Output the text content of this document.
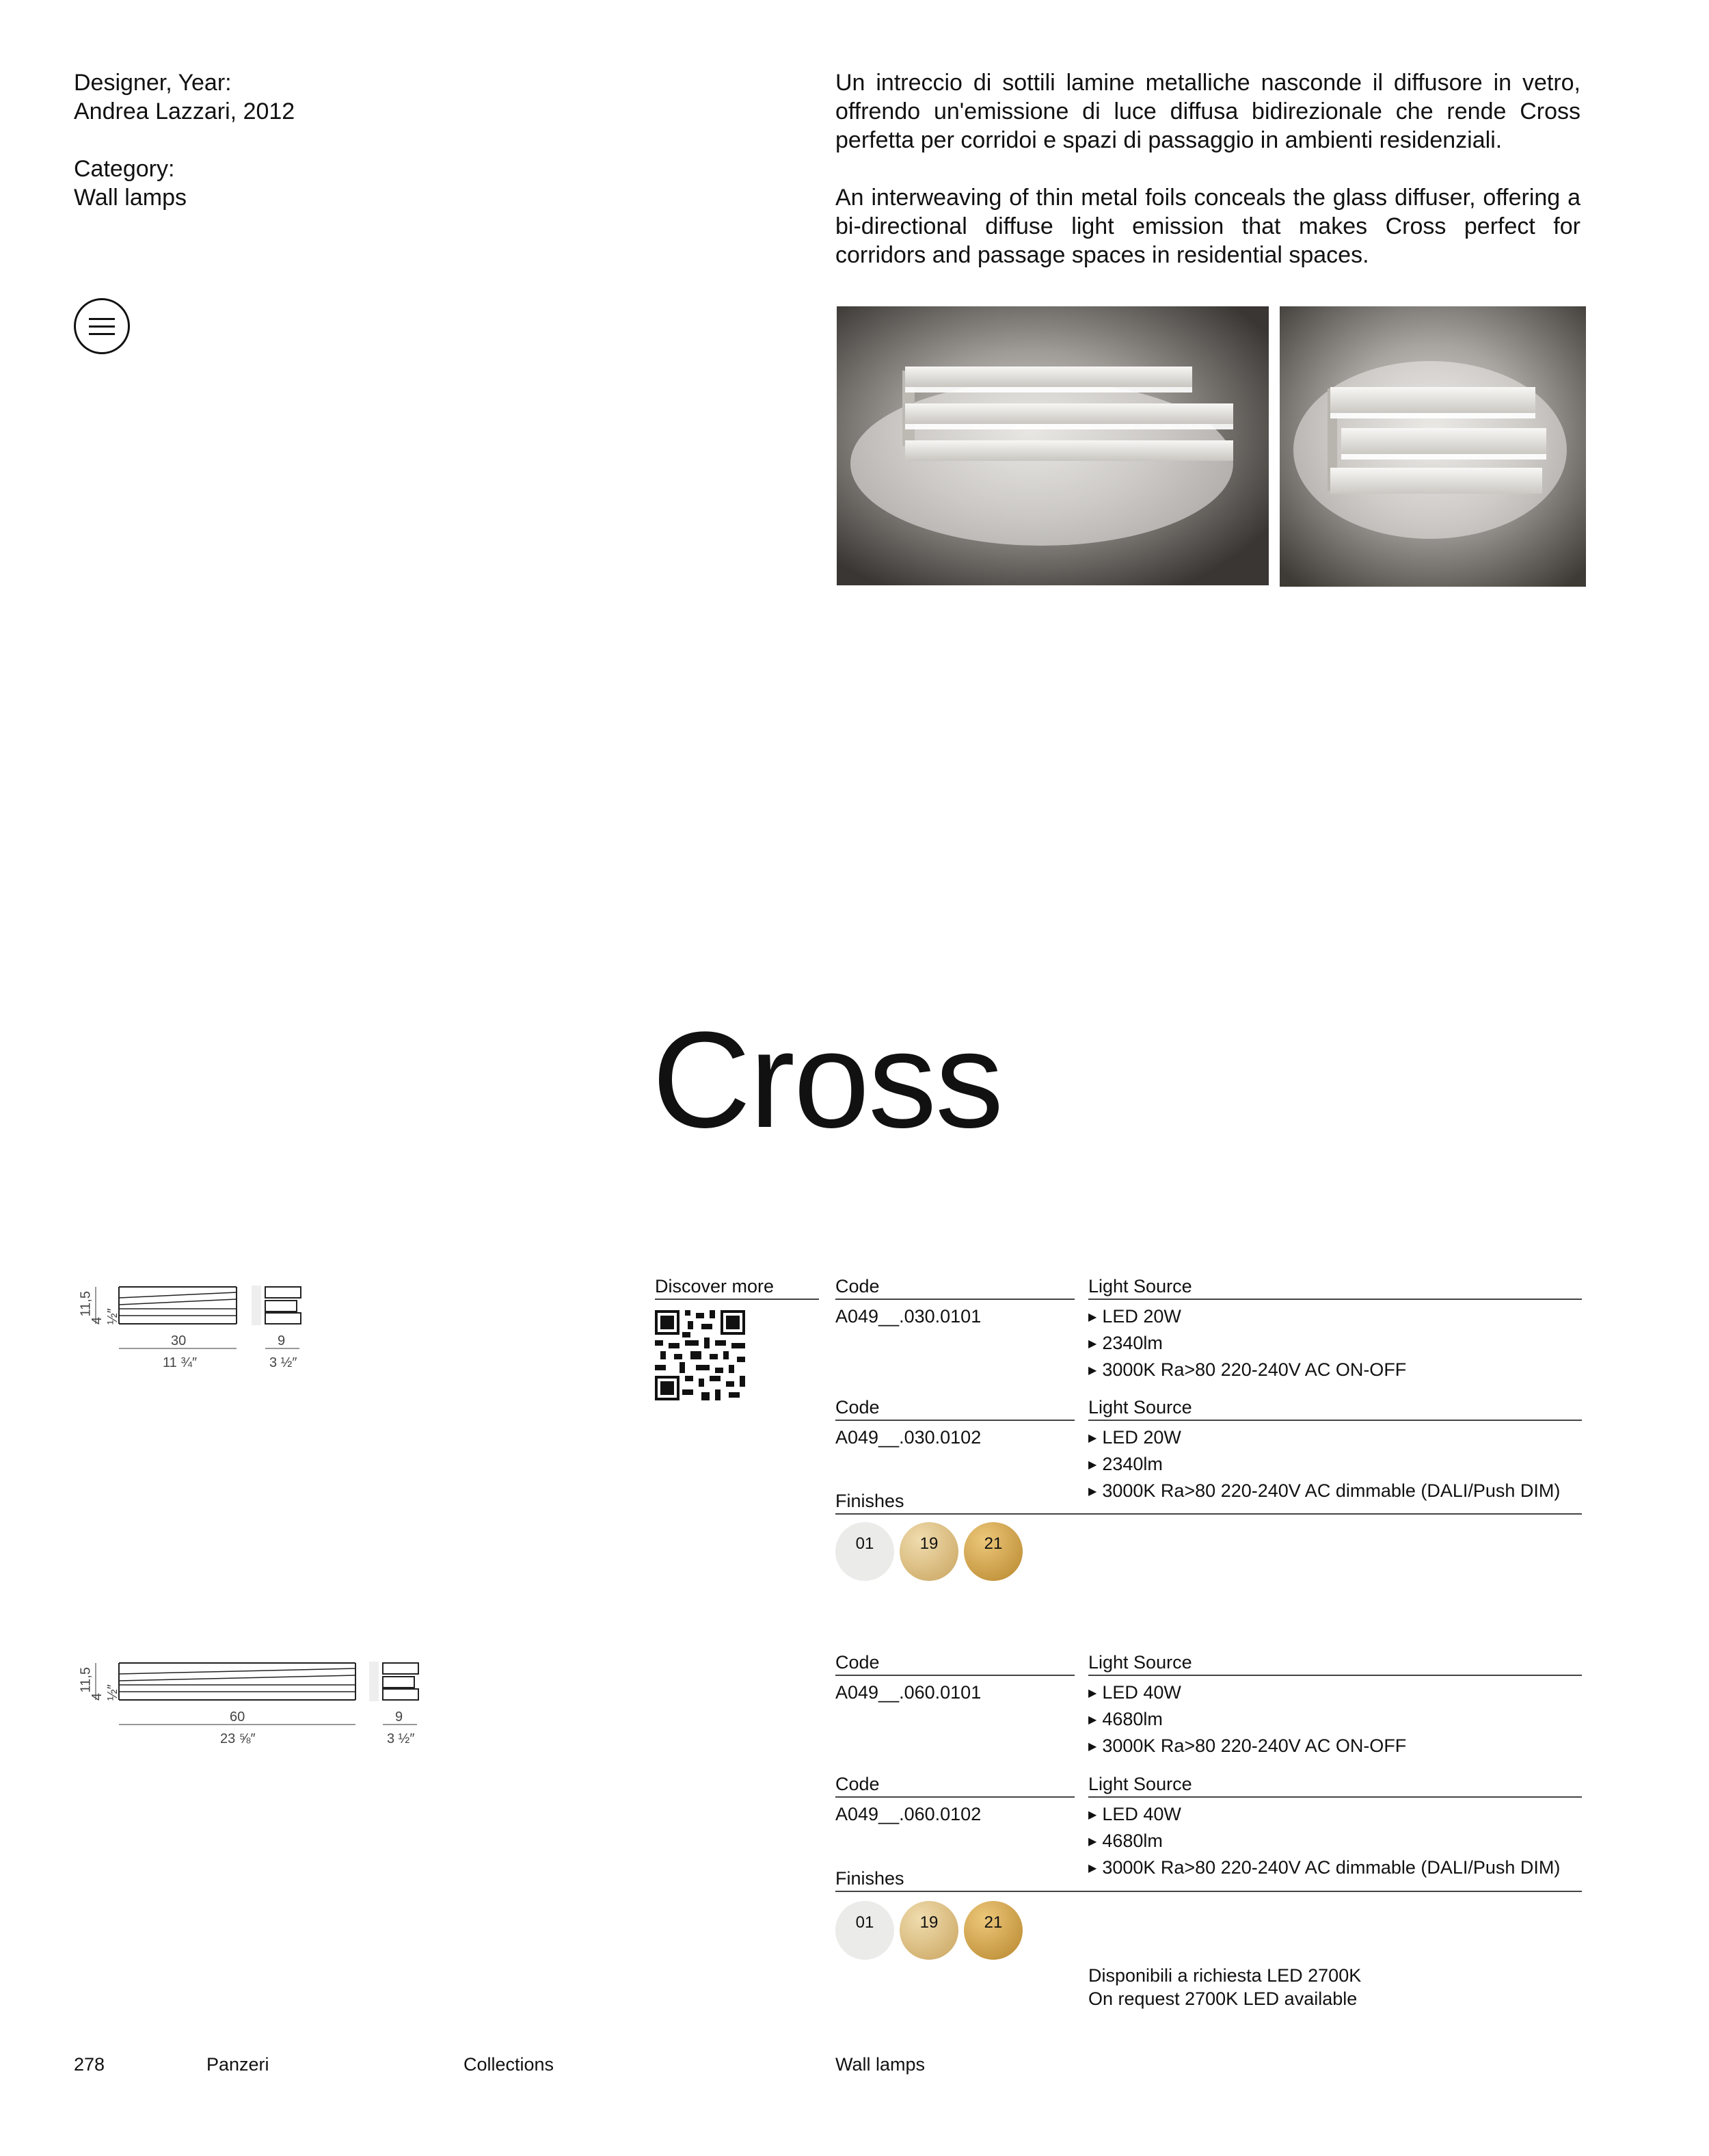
Designer, Year:

Andrea Lazzari, 2012

Category:

Wall lamps

Un intreccio di sottili lamine metalliche nasconde il diffusore in vetro, offrendo un'emissione di luce diffusa bidirezionale che rende Cross perfetta per corridoi e spazi di passaggio in ambienti residenziali.

An interweaving of thin metal foils conceals the glass diffuser, offering a bi-directional diffuse light emission that makes Cross perfect for corridors and passage spaces in residential spaces.

Cross
11,5
4 ½″
30
11 ¾″
9
3 ½″
11,5
4 ½″
60
23 ⅝″
9
3 ½″
Discover more	Code	Light Source
A049__.030.0101	▶ LED 20W
▶ 2340lm
▶ 3000K Ra>80 220-240V AC ON-OFF
Code	Light Source
A049__.030.0102	▶ LED 20W
▶ 2340lm
▶ 3000K Ra>80 220-240V AC dimmable (DALI/Push DIM)
Finishes
01	19	21
Code	Light Source
A049__.060.0101	▶ LED 40W
▶ 4680lm
▶ 3000K Ra>80 220-240V AC ON-OFF
Code	Light Source
A049__.060.0102	▶ LED 40W
▶ 4680lm
▶ 3000K Ra>80 220-240V AC dimmable (DALI/Push DIM)
Finishes
01	19	21
Disponibili a richiesta LED 2700K
On request 2700K LED available
278	Panzeri	Collections	Wall lamps
